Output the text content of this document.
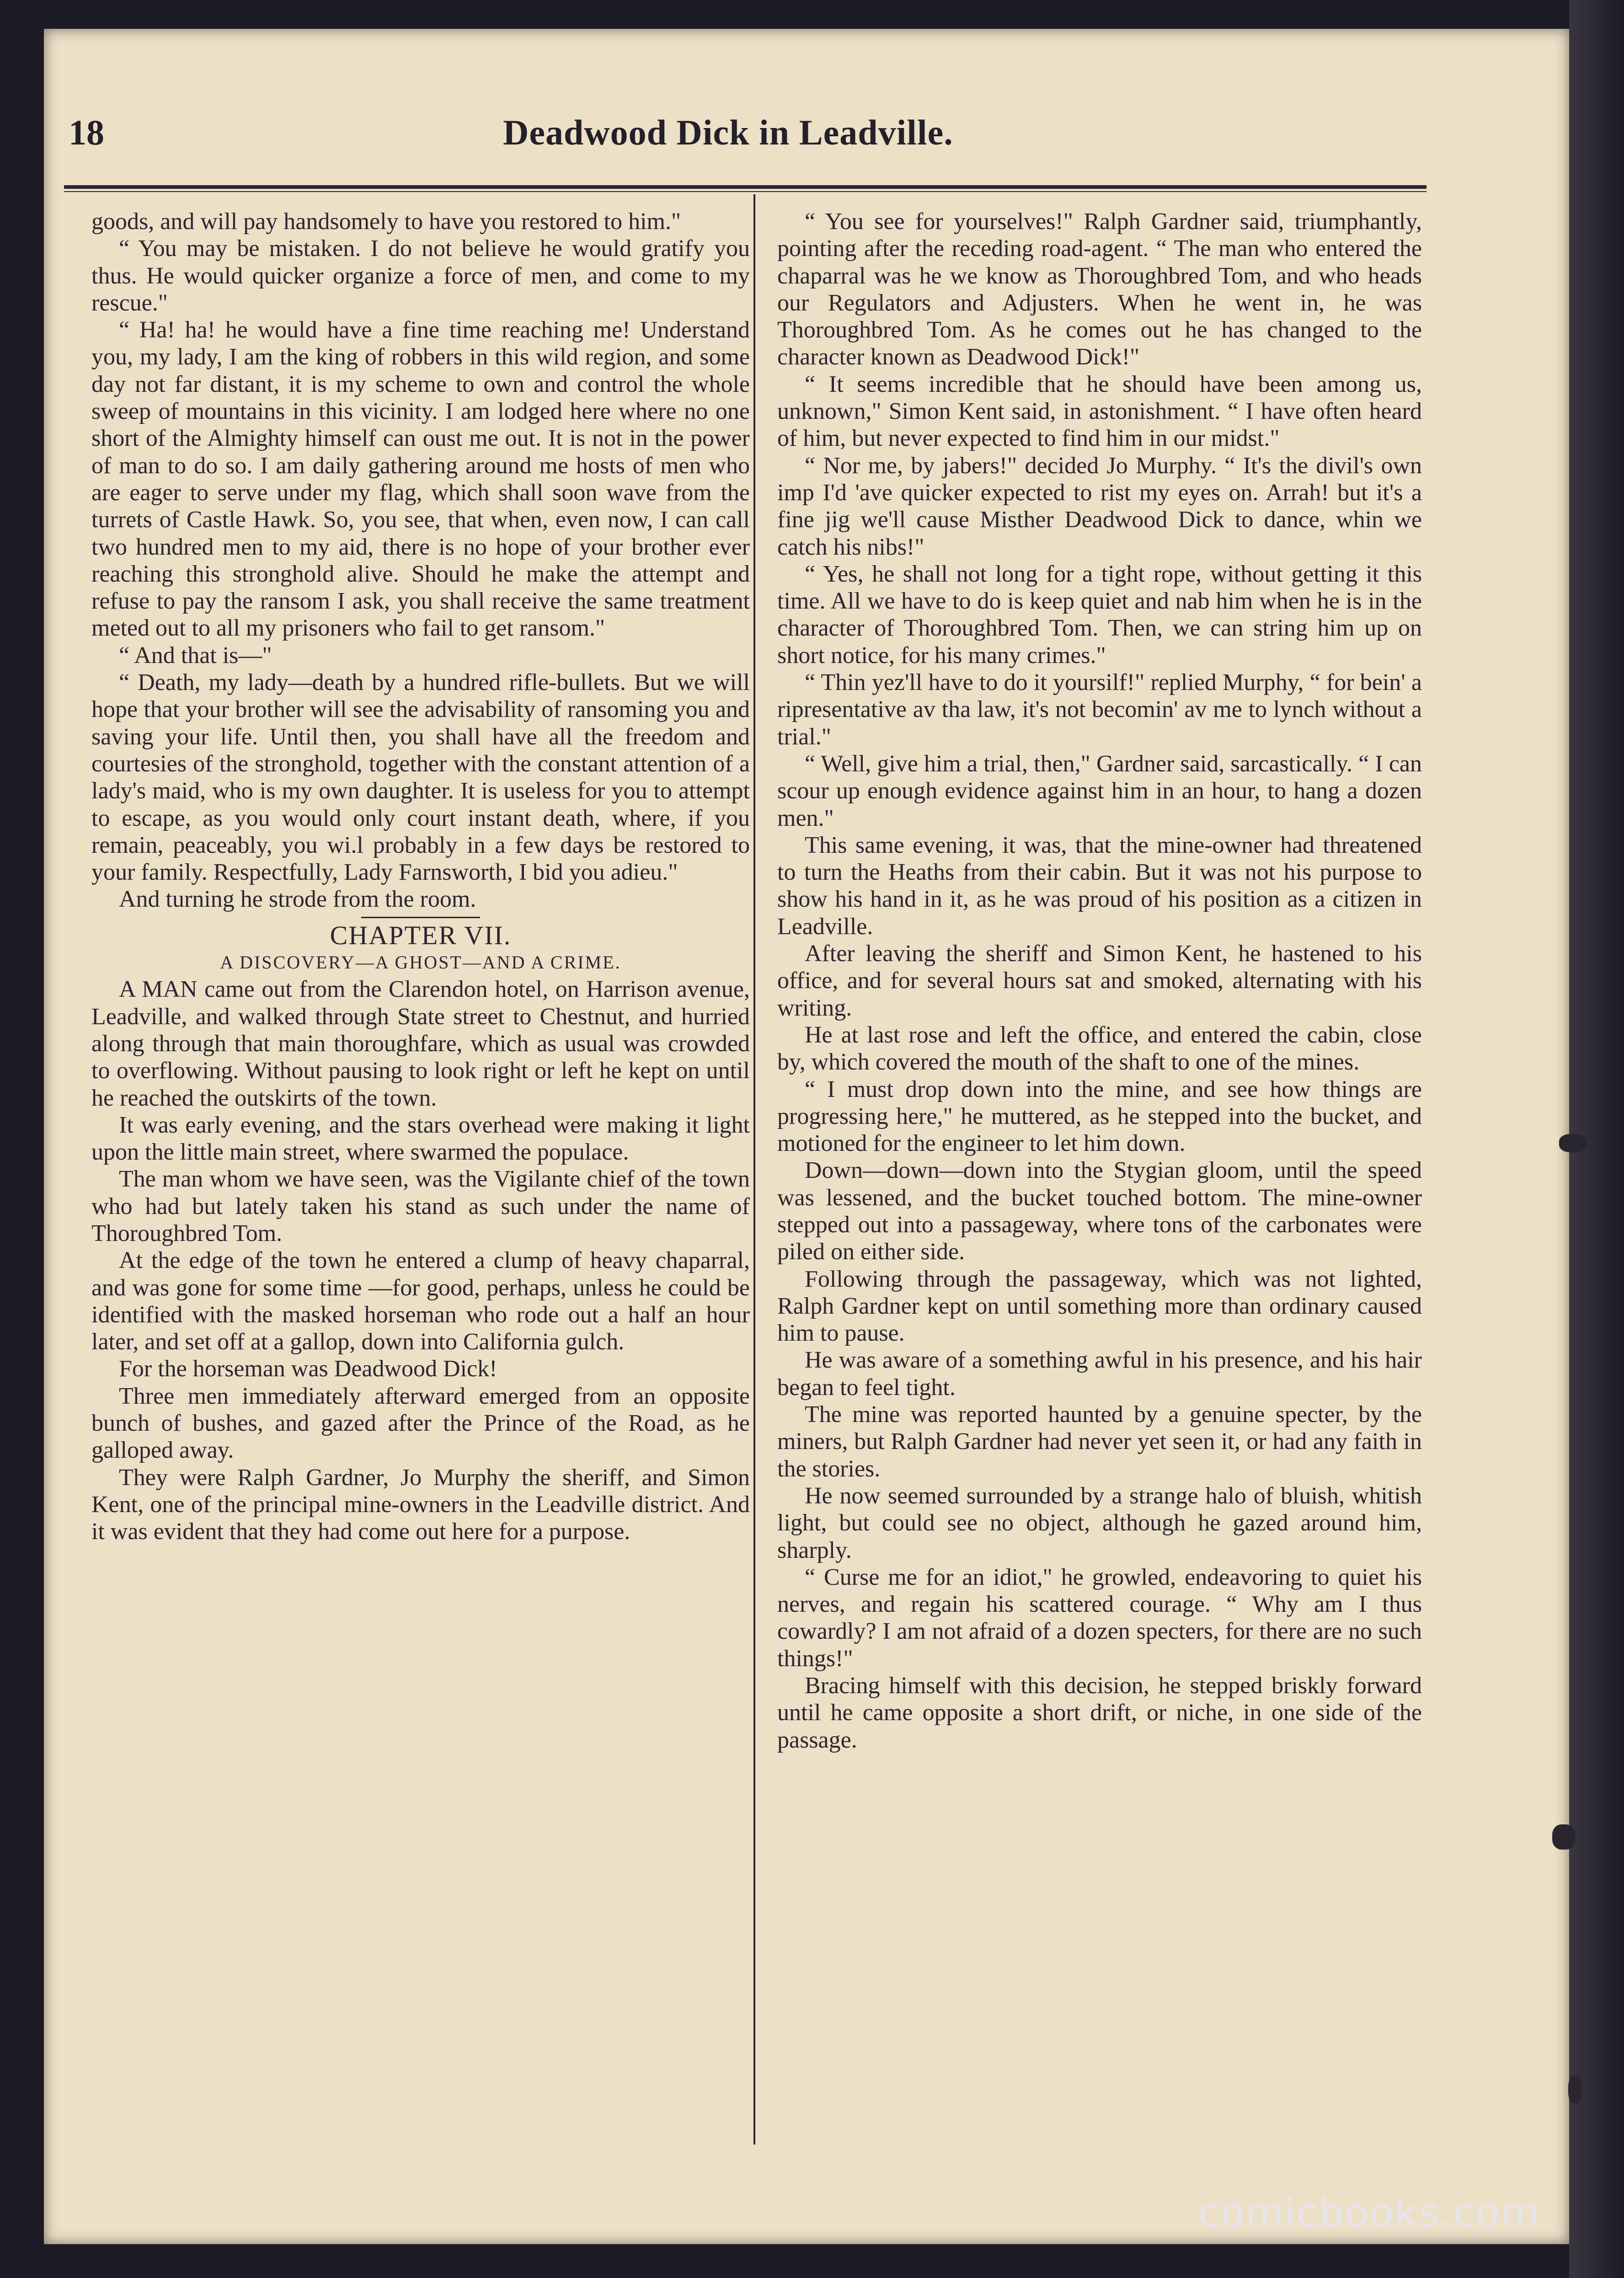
18	Deadwood Dick in Leadville.

goods, and will pay handsomely to have you restored to him."

“ You may be mistaken. I do not believe he would gratify you thus. He would quicker organize a force of men, and come to my rescue."

“ Ha! ha! he would have a fine time reaching me! Understand you, my lady, I am the king of robbers in this wild region, and some day not far distant, it is my scheme to own and control the whole sweep of mountains in this vicinity. I am lodged here where no one short of the Almighty himself can oust me out. It is not in the power of man to do so. I am daily gathering around me hosts of men who are eager to serve under my flag, which shall soon wave from the turrets of Castle Hawk. So, you see, that when, even now, I can call two hundred men to my aid, there is no hope of your brother ever reaching this stronghold alive. Should he make the attempt and refuse to pay the ransom I ask, you shall receive the same treatment meted out to all my prisoners who fail to get ransom."

“ And that is—"

“ Death, my lady—death by a hundred rifle-bullets. But we will hope that your brother will see the advisability of ransoming you and saving your life. Until then, you shall have all the freedom and courtesies of the stronghold, together with the constant attention of a lady's maid, who is my own daughter. It is useless for you to attempt to escape, as you would only court instant death, where, if you remain, peaceably, you wi.l probably in a few days be restored to your family. Respectfully, Lady Farnsworth, I bid you adieu."

And turning he strode from the room.

CHAPTER VII.

A DISCOVERY—A GHOST—AND A CRIME.

A MAN came out from the Clarendon hotel, on Harrison avenue, Leadville, and walked through State street to Chestnut, and hurried along through that main thoroughfare, which as usual was crowded to overflowing. Without pausing to look right or left he kept on until he reached the outskirts of the town.

It was early evening, and the stars overhead were making it light upon the little main street, where swarmed the populace.

The man whom we have seen, was the Vigilante chief of the town who had but lately taken his stand as such under the name of Thoroughbred Tom.

At the edge of the town he entered a clump of heavy chaparral, and was gone for some time —for good, perhaps, unless he could be identified with the masked horseman who rode out a half an hour later, and set off at a gallop, down into California gulch.

For the horseman was Deadwood Dick!

Three men immediately afterward emerged from an opposite bunch of bushes, and gazed after the Prince of the Road, as he galloped away.

They were Ralph Gardner, Jo Murphy the sheriff, and Simon Kent, one of the principal mine-owners in the Leadville district. And it was evident that they had come out here for a purpose.

“ You see for yourselves!" Ralph Gardner said, triumphantly, pointing after the receding road-agent. “ The man who entered the chaparral was he we know as Thoroughbred Tom, and who heads our Regulators and Adjusters. When he went in, he was Thoroughbred Tom. As he comes out he has changed to the character known as Deadwood Dick!"

“ It seems incredible that he should have been among us, unknown," Simon Kent said, in astonishment. “ I have often heard of him, but never expected to find him in our midst."

“ Nor me, by jabers!" decided Jo Murphy. “ It's the divil's own imp I'd 'ave quicker expected to rist my eyes on. Arrah! but it's a fine jig we'll cause Misther Deadwood Dick to dance, whin we catch his nibs!"

“ Yes, he shall not long for a tight rope, without getting it this time. All we have to do is keep quiet and nab him when he is in the character of Thoroughbred Tom. Then, we can string him up on short notice, for his many crimes."

“ Thin yez'll have to do it yoursilf!" replied Murphy, “ for bein' a ripresentative av tha law, it's not becomin' av me to lynch without a trial."

“ Well, give him a trial, then," Gardner said, sarcastically. “ I can scour up enough evidence against him in an hour, to hang a dozen men."

This same evening, it was, that the mine-owner had threatened to turn the Heaths from their cabin. But it was not his purpose to show his hand in it, as he was proud of his position as a citizen in Leadville.

After leaving the sheriff and Simon Kent, he hastened to his office, and for several hours sat and smoked, alternating with his writing.

He at last rose and left the office, and entered the cabin, close by, which covered the mouth of the shaft to one of the mines.

“ I must drop down into the mine, and see how things are progressing here," he muttered, as he stepped into the bucket, and motioned for the engineer to let him down.

Down—down—down into the Stygian gloom, until the speed was lessened, and the bucket touched bottom. The mine-owner stepped out into a passageway, where tons of the carbonates were piled on either side.

Following through the passageway, which was not lighted, Ralph Gardner kept on until something more than ordinary caused him to pause.

He was aware of a something awful in his presence, and his hair began to feel tight.

The mine was reported haunted by a genuine specter, by the miners, but Ralph Gardner had never yet seen it, or had any faith in the stories.

He now seemed surrounded by a strange halo of bluish, whitish light, but could see no object, although he gazed around him, sharply.

“ Curse me for an idiot," he growled, endeavoring to quiet his nerves, and regain his scattered courage. “ Why am I thus cowardly? I am not afraid of a dozen specters, for there are no such things!"

Bracing himself with this decision, he stepped briskly forward until he came opposite a short drift, or niche, in one side of the passage.

comicbooks.com
